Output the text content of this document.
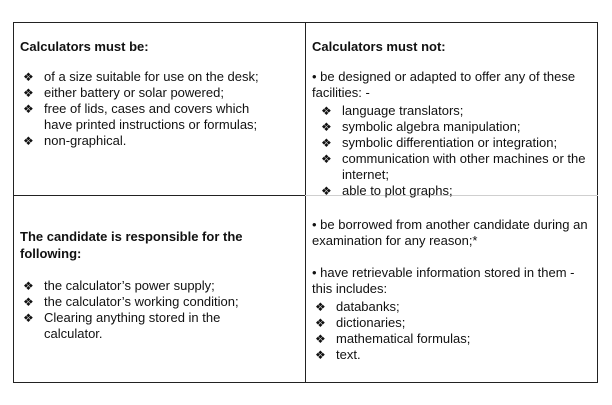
Calculators must be:
❖ of a size suitable for use on the desk;
❖ either battery or solar powered;
❖ free of lids, cases and covers which have printed instructions or formulas;
❖ non-graphical.
The candidate is responsible for the following:
❖ the calculator’s power supply;
❖ the calculator’s working condition;
❖ Clearing anything stored in the calculator.
Calculators must not:

• be designed or adapted to offer any of these facilities: -

❖ language translators;
❖ symbolic algebra manipulation;
❖ symbolic differentiation or integration;
❖ communication with other machines or the internet;
❖ able to plot graphs;

• be borrowed from another candidate during an examination for any reason;*

• have retrievable information stored in them - this includes:

❖ databanks;
❖ dictionaries;
❖ mathematical formulas;
❖ text.
